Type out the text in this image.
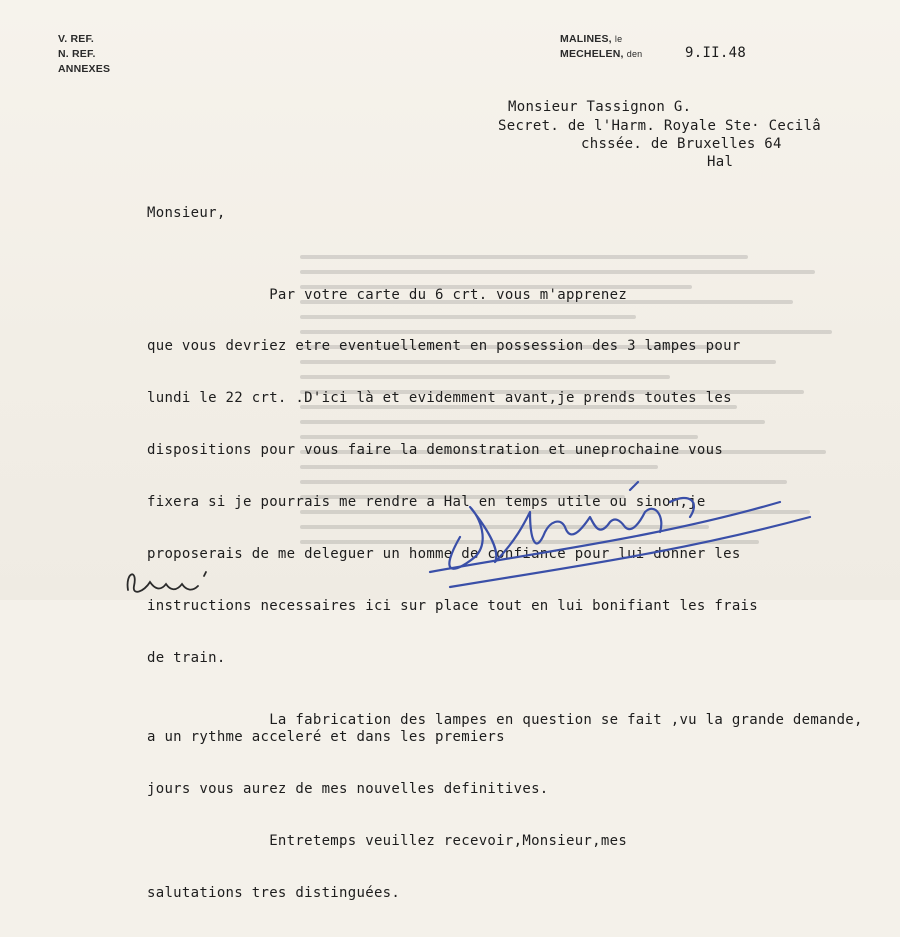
V. REF.
N. REF.
ANNEXES
MALINES, le
MECHELEN, den	9.II.48
Monsieur Tassignon G.
Secret. de l'Harm. Royale Ste· Cecilâ
chssée. de Bruxelles 64
Hal
Monsieur,

Par votre carte du 6 crt. vous m'apprenez

que vous devriez etre eventuellement en possession des 3 lampes pour

lundi le 22 crt. .D'ici là et evidemment avant,je prends toutes les

dispositions pour vous faire la demonstration et uneprochaine vous

fixera si je pourrais me rendre a Hal en temps utile ou sinon,je

proposerais de me deleguer un homme de confiance pour lui donner les

instructions necessaires ici sur place tout en lui bonifiant les frais

de train.

La fabrication des lampes en question se fait ,vu la grande demande, a un rythme acceleré et dans les premiers

jours vous aurez de mes nouvelles definitives.

Entretemps veuillez recevoir,Monsieur,mes

salutations tres distinguées.
